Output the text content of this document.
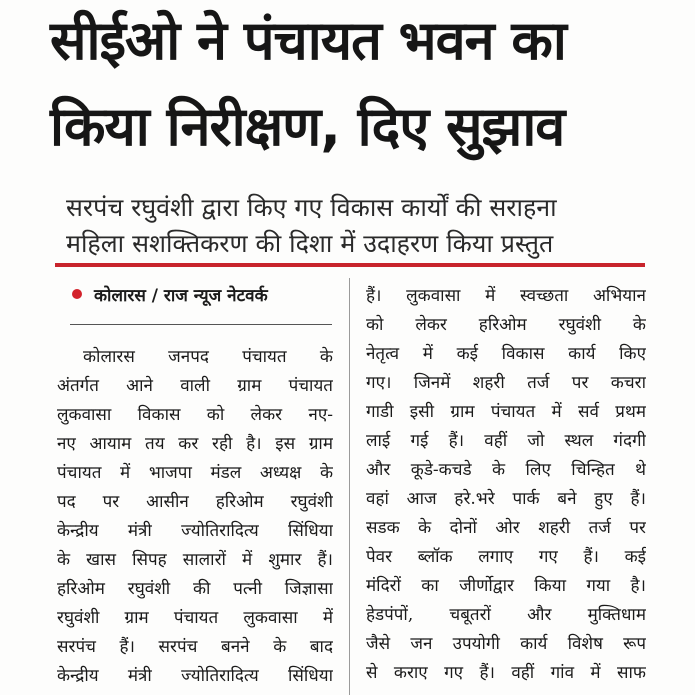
सीईओ ने पंचायत भवन का
किया निरीक्षण, दिए सुझाव

सरपंच रघुवंशी द्वारा किए गए विकास कार्यों की सराहना

महिला सशक्तिकरण की दिशा में उदाहरण किया प्रस्तुत

कोलारस / राज न्यूज नेटवर्क
कोलारस जनपद पंचायत के
अंतर्गत आने वाली ग्राम पंचायत
लुकवासा विकास को लेकर नए-
नए आयाम तय कर रही है। इस ग्राम
पंचायत में भाजपा मंडल अध्यक्ष के
पद पर आसीन हरिओम रघुवंशी
केन्द्रीय मंत्री ज्योतिरादित्य सिंधिया
के खास सिपह सालारों में शुमार हैं।
हरिओम रघुवंशी की पत्नी जिज्ञासा
रघुवंशी ग्राम पंचायत लुकवासा में
सरपंच हैं। सरपंच बनने के बाद
केन्द्रीय मंत्री ज्योतिरादित्य सिंधिया
हैं। लुकवासा में स्वच्छता अभियान
को लेकर हरिओम रघुवंशी के
नेतृत्व में कई विकास कार्य किए
गए। जिनमें शहरी तर्ज पर कचरा
गाडी इसी ग्राम पंचायत में सर्व प्रथम
लाई गई हैं। वहीं जो स्थल गंदगी
और कूडे-कचडे के लिए चिन्हित थे
वहां आज हरे.भरे पार्क बने हुए हैं।
सडक के दोनों ओर शहरी तर्ज पर
पेवर ब्लॉक लगाए गए हैं। कई
मंदिरों का जीर्णोद्वार किया गया है।
हेडपंपों, चबूतरों और मुक्तिधाम
जैसे जन उपयोगी कार्य विशेष रूप
से कराए गए हैं। वहीं गांव में साफ
